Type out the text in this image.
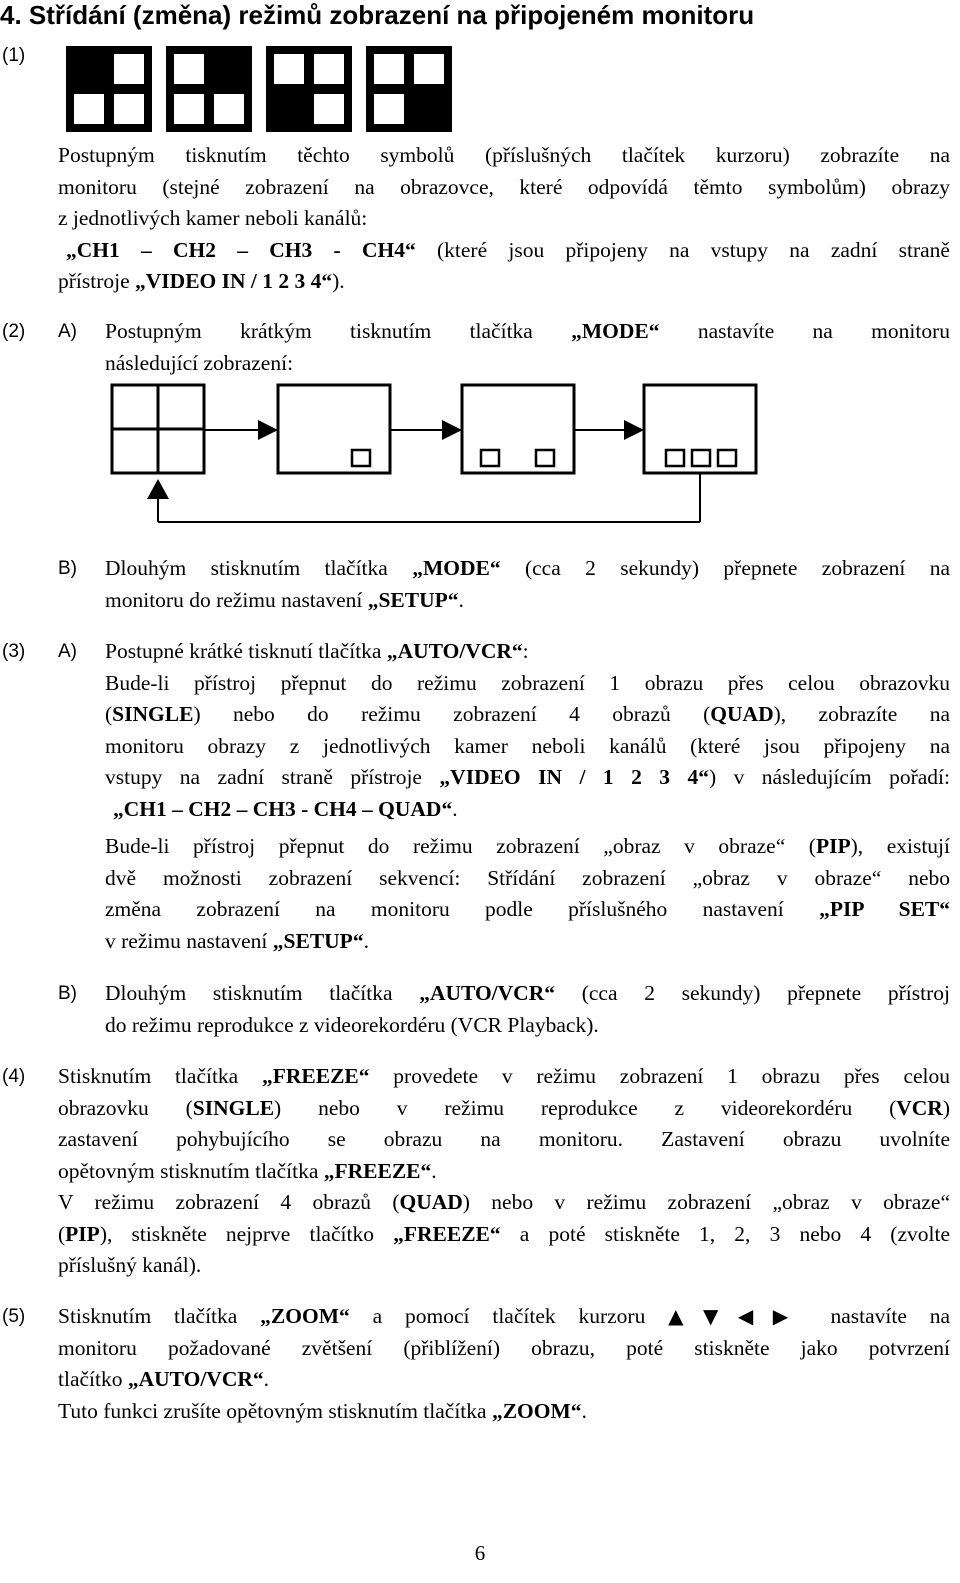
4. Střídání (změna) režimů zobrazení na připojeném monitoru
(1)
Postupným tisknutím těchto symbolů (příslušných tlačítek kurzoru) zobrazíte na
monitoru (stejné zobrazení na obrazovce, které odpovídá těmto symbolům) obrazy
z jednotlivých kamer neboli kanálů:
„CH1 – CH2 – CH3 - CH4“ (které jsou připojeny na vstupy na zadní straně
přístroje „VIDEO IN / 1 2 3 4“).
(2) A) Postupným krátkým tisknutím tlačítka „MODE“ nastavíte na monitoru
následující zobrazení:
B) Dlouhým stisknutím tlačítka „MODE“ (cca 2 sekundy) přepnete zobrazení na
monitoru do režimu nastavení „SETUP“.
(3) A) Postupné krátké tisknutí tlačítka „AUTO/VCR“:
Bude-li přístroj přepnut do režimu zobrazení 1 obrazu přes celou obrazovku
(SINGLE) nebo do režimu zobrazení 4 obrazů (QUAD), zobrazíte na
monitoru obrazy z jednotlivých kamer neboli kanálů (které jsou připojeny na
vstupy na zadní straně přístroje „VIDEO IN / 1 2 3 4“) v následujícím pořadí:
„CH1 – CH2 – CH3 - CH4 – QUAD“.
Bude-li přístroj přepnut do režimu zobrazení „obraz v obraze“ (PIP), existují
dvě možnosti zobrazení sekvencí: Střídání zobrazení „obraz v obraze“ nebo
změna zobrazení na monitoru podle příslušného nastavení „PIP SET“
v režimu nastavení „SETUP“.
B) Dlouhým stisknutím tlačítka „AUTO/VCR“ (cca 2 sekundy) přepnete přístroj
do režimu reprodukce z videorekordéru (VCR Playback).
(4) Stisknutím tlačítka „FREEZE“ provedete v režimu zobrazení 1 obrazu přes celou
obrazovku (SINGLE) nebo v režimu reprodukce z videorekordéru (VCR)
zastavení pohybujícího se obrazu na monitoru. Zastavení obrazu uvolníte
opětovným stisknutím tlačítka „FREEZE“.
V režimu zobrazení 4 obrazů (QUAD) nebo v režimu zobrazení „obraz v obraze“
(PIP), stiskněte nejprve tlačítko „FREEZE“ a poté stiskněte 1, 2, 3 nebo 4 (zvolte
příslušný kanál).
(5) Stisknutím tlačítka „ZOOM“ a pomocí tlačítek kurzoru ▲▼◀▶ nastavíte na
monitoru požadované zvětšení (přiblížení) obrazu, poté stiskněte jako potvrzení
tlačítko „AUTO/VCR“.
Tuto funkci zrušíte opětovným stisknutím tlačítka „ZOOM“.
6
